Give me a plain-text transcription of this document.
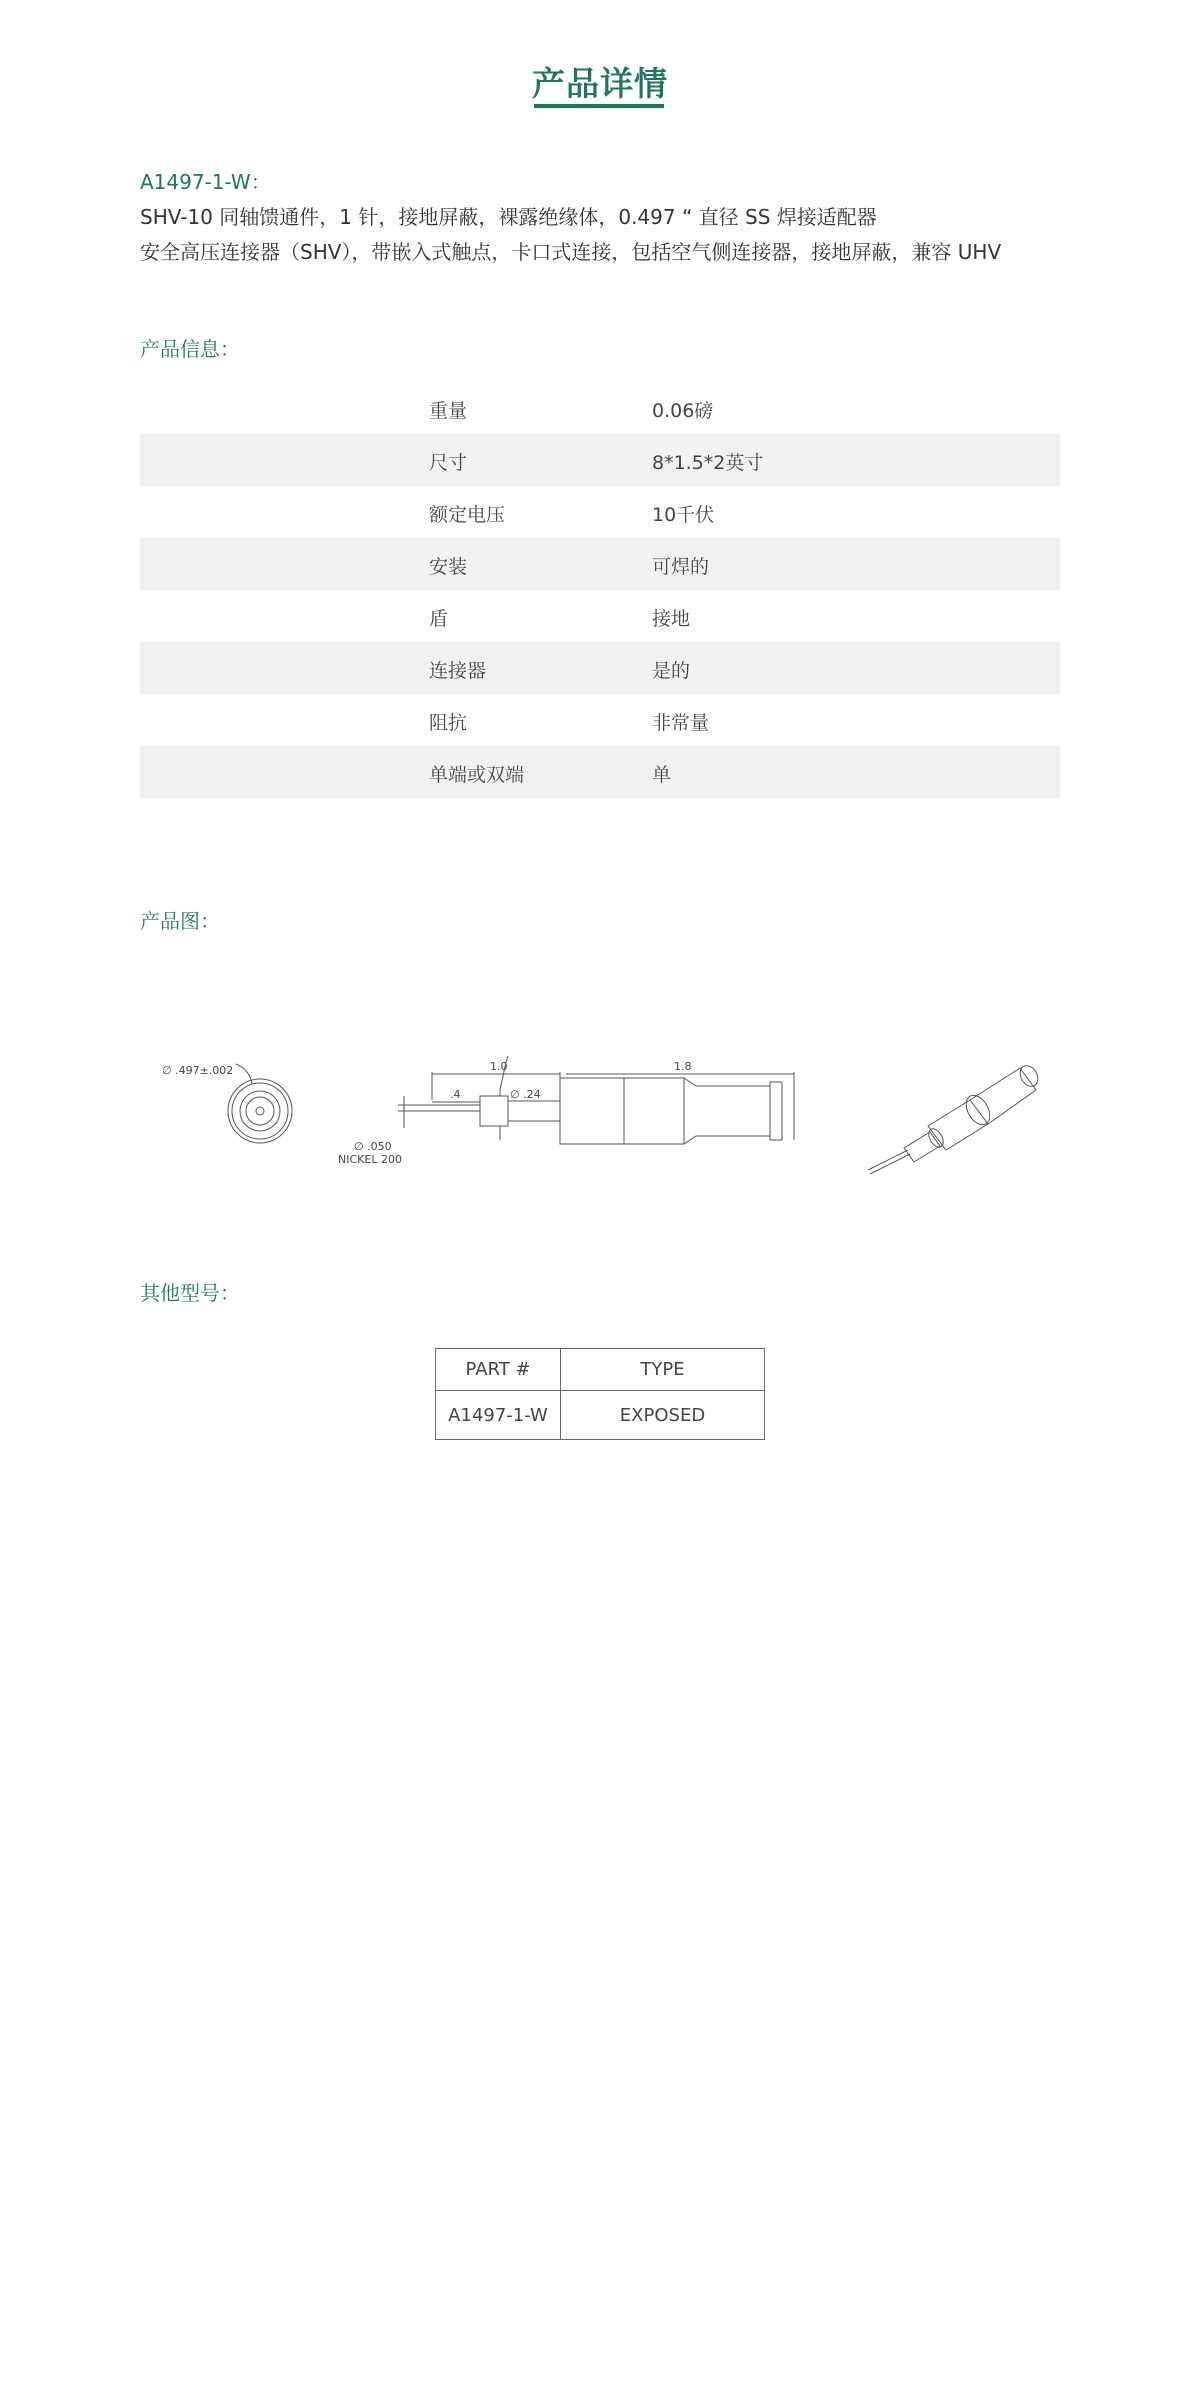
产品详情
A1497-1-W：
SHV-10 同轴馈通件，1 针，接地屏蔽，裸露绝缘体，0.497 “ 直径 SS 焊接适配器
安全高压连接器（SHV），带嵌入式触点，卡口式连接，包括空气侧连接器，接地屏蔽，兼容 UHV
产品信息：
重量	0.06磅
尺寸	8*1.5*2英寸
额定电压	10千伏
安装	可焊的
盾	接地
连接器	是的
阻抗	非常量
单端或双端	单
产品图：
∅ .497±.002	1.0	1.8
.4	∅ .24
∅ .050
NICKEL 200
其他型号：
PART #	TYPE
A1497-1-W	EXPOSED
